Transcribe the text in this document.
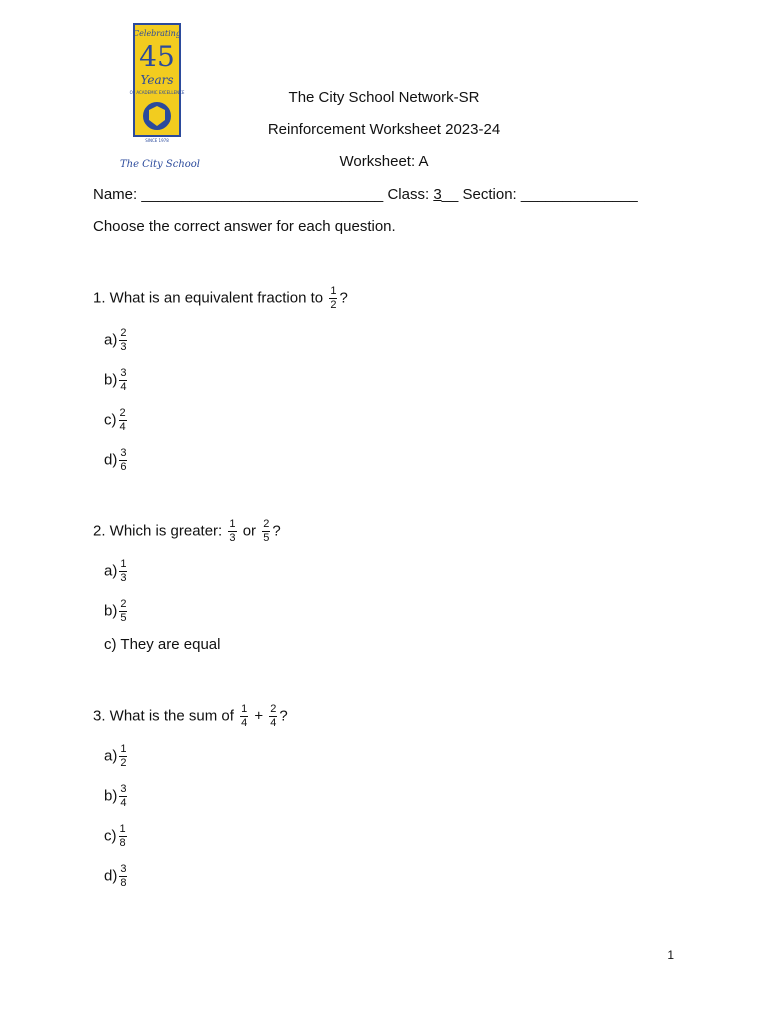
Celebrating
45
Years
OF ACADEMIC EXCELLENCE
SINCE 1978
The City School
The City School Network-SR
Reinforcement Worksheet 2023-24
Worksheet: A
Name: _____________________________ Class: 3__ Section: ______________
Choose the correct answer for each question.
1. What is an equivalent fraction to $\frac{1}{2}$ ?
$a) \frac{2}{3}$
$b) \frac{3}{4}$
$c) \frac{2}{4}$
$d) \frac{3}{6}$
2. Which is greater: $\frac{1}{3}$ or $\frac{2}{5}$ ?
$a) \frac{1}{3}$
$b) \frac{2}{5}$
c) They are equal
3. What is the sum of $\frac{1}{4} + \frac{2}{4}$ ?
$a) \frac{1}{2}$
$b) \frac{3}{4}$
$c) \frac{1}{8}$
$d) \frac{3}{8}$
1
